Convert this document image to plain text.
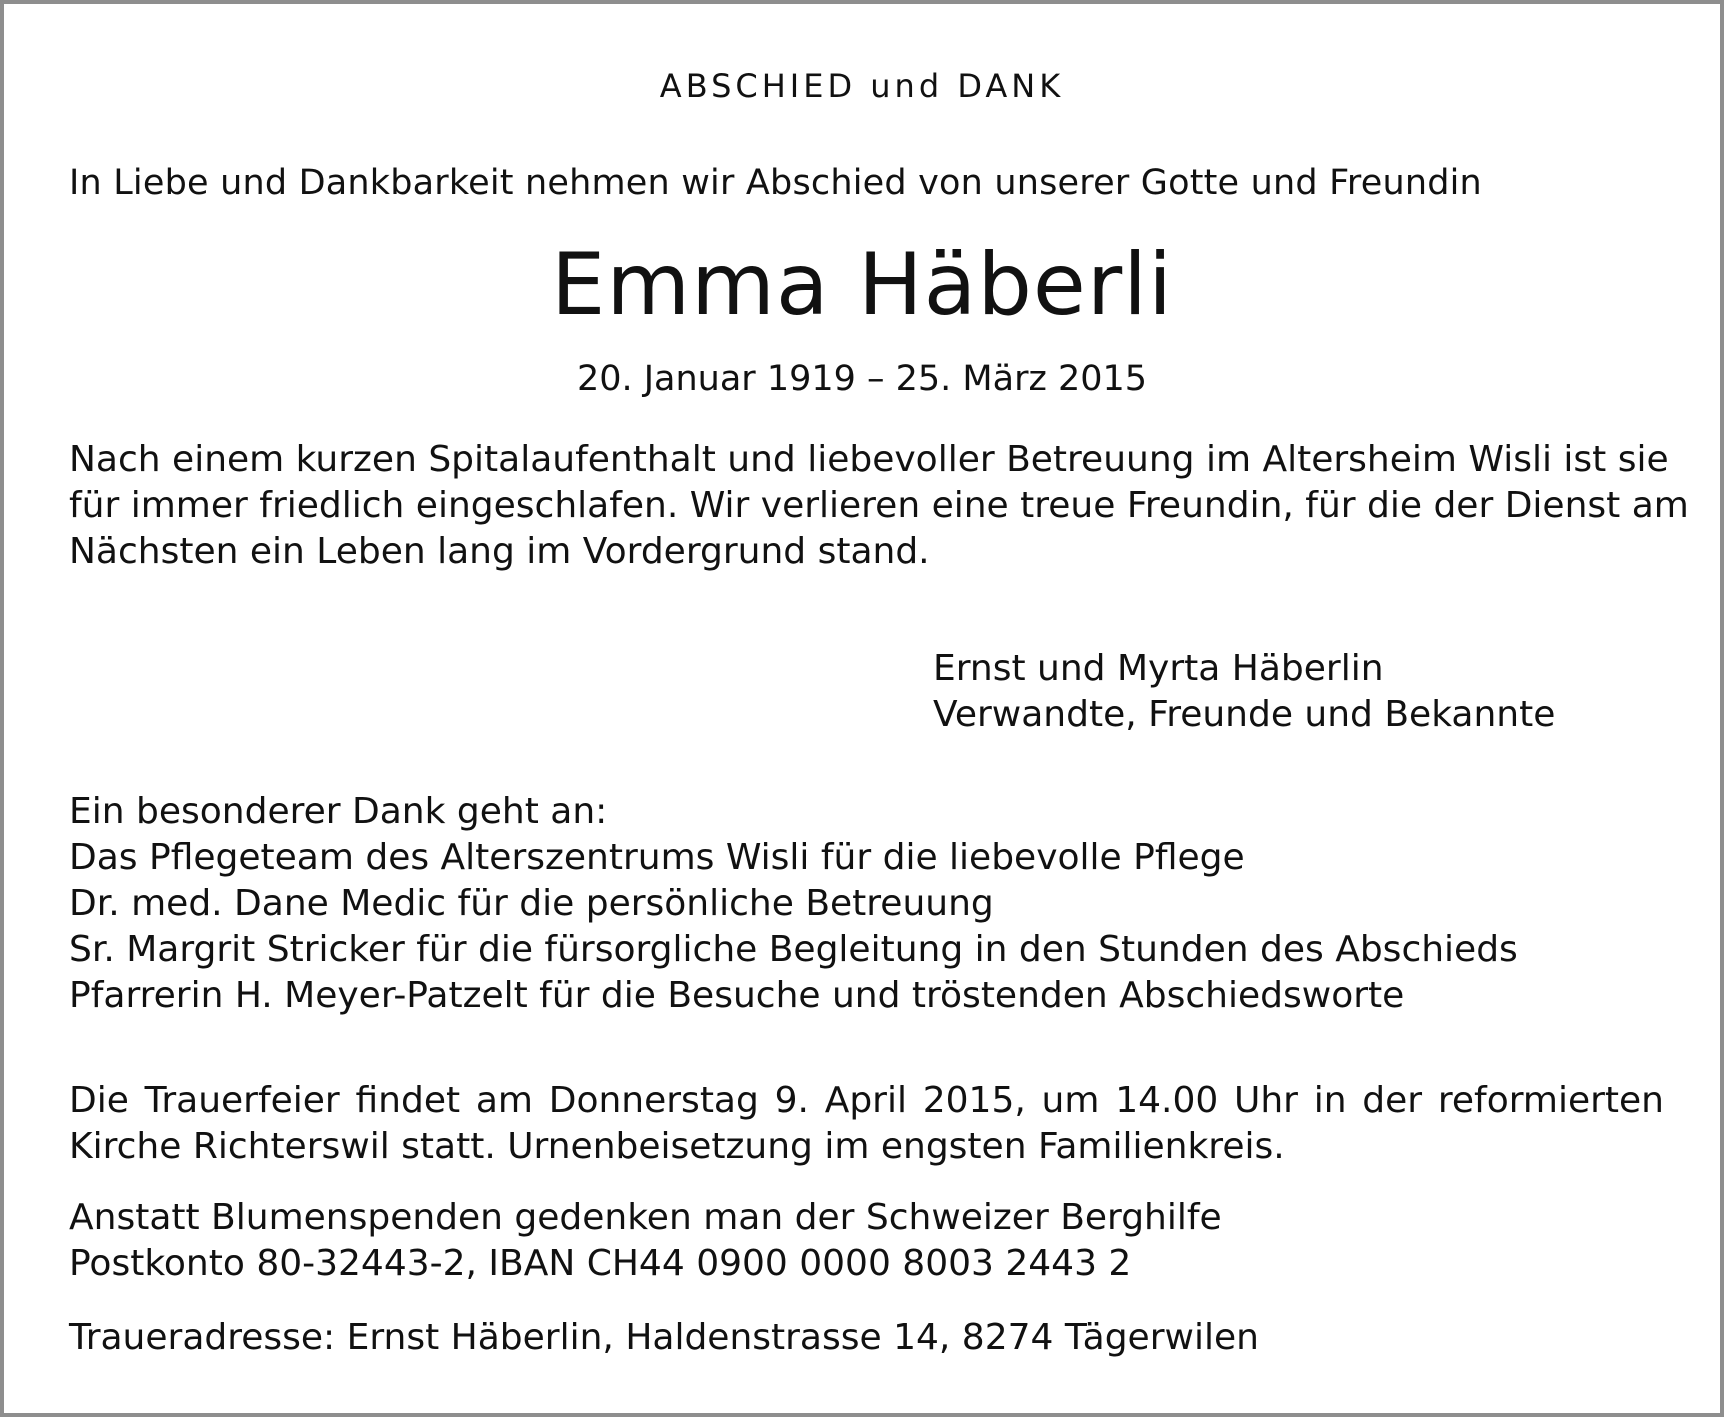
ABSCHIED und DANK
In Liebe und Dankbarkeit nehmen wir Abschied von unserer Gotte und Freundin
Emma Häberli
20. Januar 1919 – 25. März 2015
Nach einem kurzen Spitalaufenthalt und liebevoller Betreuung im Altersheim Wisli ist sie
für immer friedlich eingeschlafen. Wir verlieren eine treue Freundin, für die der Dienst am
Nächsten ein Leben lang im Vordergrund stand.
Ernst und Myrta Häberlin
Verwandte, Freunde und Bekannte
Ein besonderer Dank geht an:
Das Pflegeteam des Alterszentrums Wisli für die liebevolle Pflege
Dr. med. Dane Medic für die persönliche Betreuung
Sr. Margrit Stricker für die fürsorgliche Begleitung in den Stunden des Abschieds
Pfarrerin H. Meyer-Patzelt für die Besuche und tröstenden Abschiedsworte
Die Trauerfeier findet am Donnerstag 9. April 2015, um 14.00 Uhr in der reformierten
Kirche Richterswil statt. Urnenbeisetzung im engsten Familienkreis.
Anstatt Blumenspenden gedenken man der Schweizer Berghilfe
Postkonto 80-32443-2, IBAN CH44 0900 0000 8003 2443 2
Traueradresse: Ernst Häberlin, Haldenstrasse 14, 8274 Tägerwilen
